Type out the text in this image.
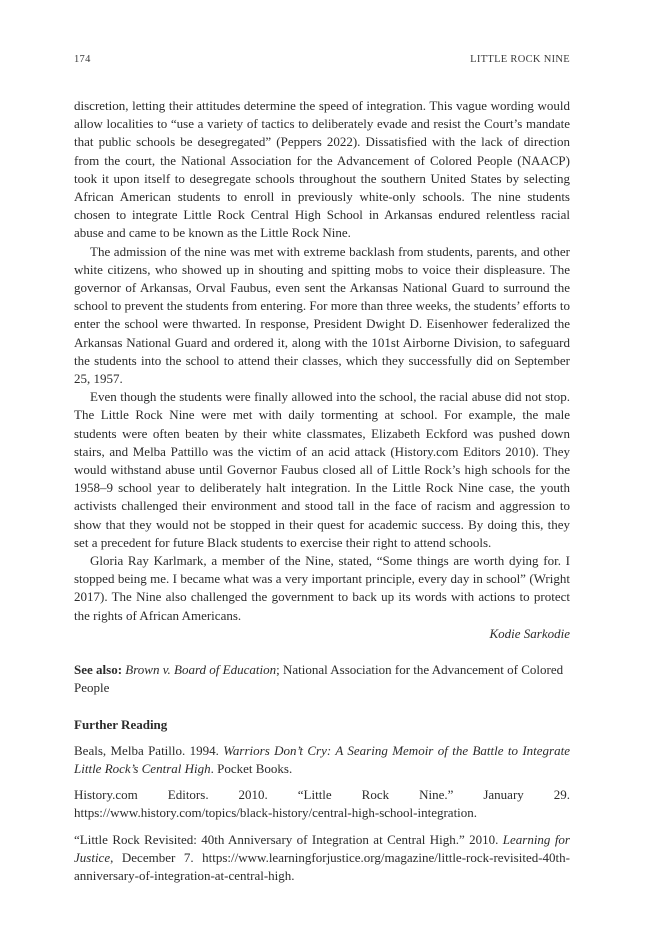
174	LITTLE ROCK NINE

discretion, letting their attitudes determine the speed of integration. This vague wording would allow localities to “use a variety of tactics to deliberately evade and resist the Court’s mandate that public schools be desegregated” (Peppers 2022). Dissatisfied with the lack of direction from the court, the National Association for the Advancement of Colored People (NAACP) took it upon itself to desegregate schools throughout the southern United States by selecting African American students to enroll in previously white-only schools. The nine students chosen to integrate Little Rock Central High School in Arkansas endured relentless racial abuse and came to be known as the Little Rock Nine.

The admission of the nine was met with extreme backlash from students, parents, and other white citizens, who showed up in shouting and spitting mobs to voice their displeasure. The governor of Arkansas, Orval Faubus, even sent the Arkansas National Guard to surround the school to prevent the students from entering. For more than three weeks, the students’ efforts to enter the school were thwarted. In response, President Dwight D. Eisenhower federalized the Arkansas National Guard and ordered it, along with the 101st Airborne Division, to safeguard the students into the school to attend their classes, which they successfully did on September 25, 1957.

Even though the students were finally allowed into the school, the racial abuse did not stop. The Little Rock Nine were met with daily tormenting at school. For example, the male students were often beaten by their white classmates, Elizabeth Eckford was pushed down stairs, and Melba Pattillo was the victim of an acid attack (History.com Editors 2010). They would withstand abuse until Governor Faubus closed all of Little Rock’s high schools for the 1958–9 school year to deliberately halt integration. In the Little Rock Nine case, the youth activists challenged their environment and stood tall in the face of racism and aggression to show that they would not be stopped in their quest for academic success. By doing this, they set a precedent for future Black students to exercise their right to attend schools.

Gloria Ray Karlmark, a member of the Nine, stated, “Some things are worth dying for. I stopped being me. I became what was a very important principle, every day in school” (Wright 2017). The Nine also challenged the government to back up its words with actions to protect the rights of African Americans.

Kodie Sarkodie

See also: Brown v. Board of Education; National Association for the Advancement of Colored People

Further Reading

Beals, Melba Patillo. 1994. Warriors Don’t Cry: A Searing Memoir of the Battle to Integrate Little Rock’s Central High. Pocket Books.

History.com Editors. 2010. “Little Rock Nine.” January 29. https://www.history.com/topics/black-history/central-high-school-integration.

“Little Rock Revisited: 40th Anniversary of Integration at Central High.” 2010. Learning for Justice, December 7. https://www.learningforjustice.org/magazine/little-rock-revisited-40th-anniversary-of-integration-at-central-high.
